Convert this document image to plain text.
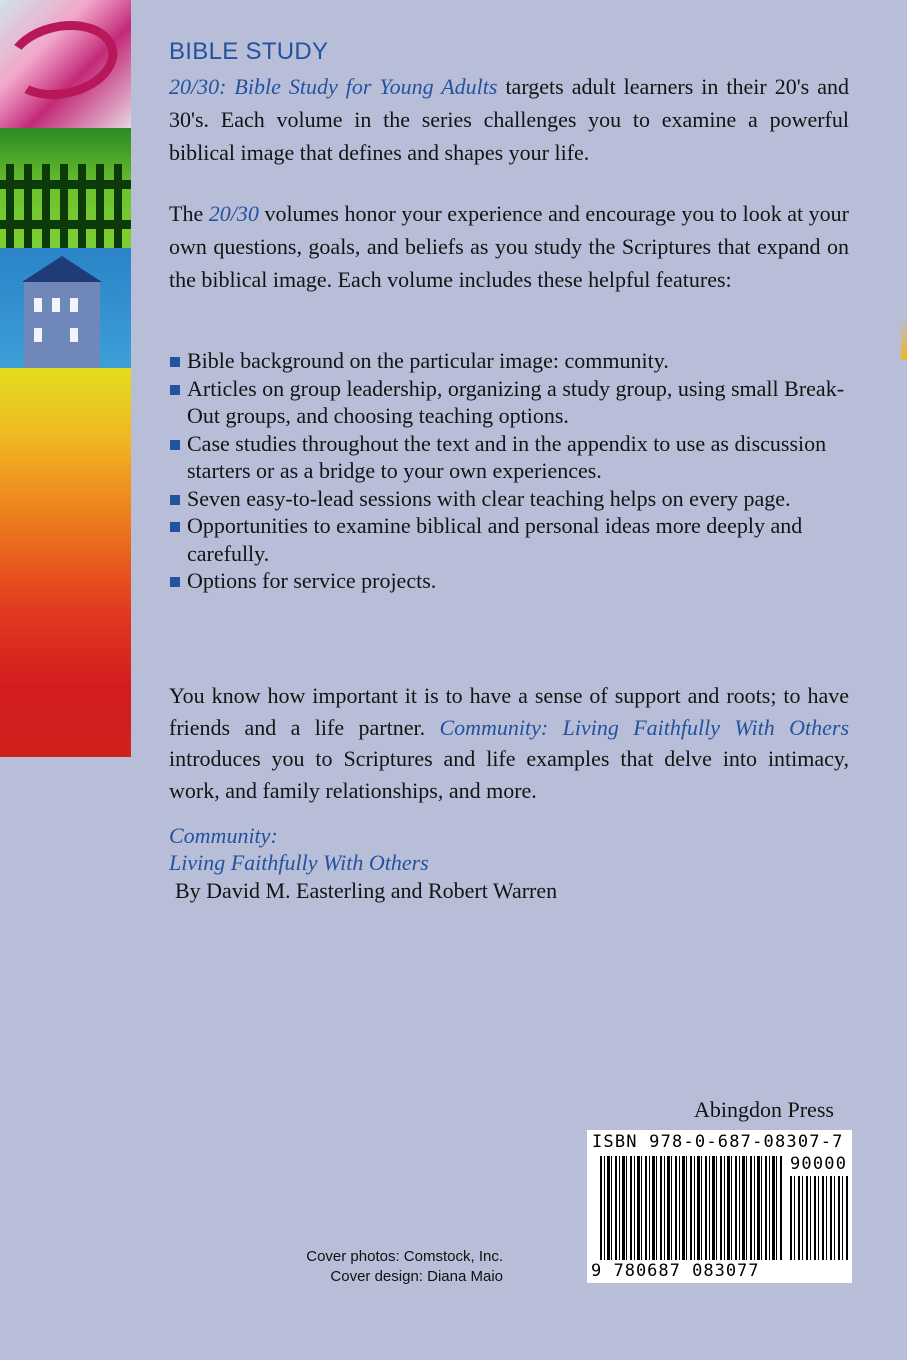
BIBLE STUDY

20/30: Bible Study for Young Adults targets adult learners in their 20's and 30's. Each volume in the series challenges you to examine a powerful biblical image that defines and shapes your life.

The 20/30 volumes honor your experience and encourage you to look at your own questions, goals, and beliefs as you study the Scriptures that expand on the biblical image. Each volume includes these helpful features:

Bible background on the particular image: community.
Articles on group leadership, organizing a study group, using small Break-Out groups, and choosing teaching options.
Case studies throughout the text and in the appendix to use as discussion starters or as a bridge to your own experiences.
Seven easy-to-lead sessions with clear teaching helps on every page.
Opportunities to examine biblical and personal ideas more deeply and carefully.
Options for service projects.

You know how important it is to have a sense of support and roots; to have friends and a life partner. Community: Living Faithfully With Others introduces you to Scriptures and life examples that delve into intimacy, work, and family relationships, and more.

Community:
Living Faithfully With Others
By David M. Easterling and Robert Warren
Abingdon Press
ISBN 978-0-687-08307-7
90000
9 780687 083077
Cover photos: Comstock, Inc.
Cover design: Diana Maio
